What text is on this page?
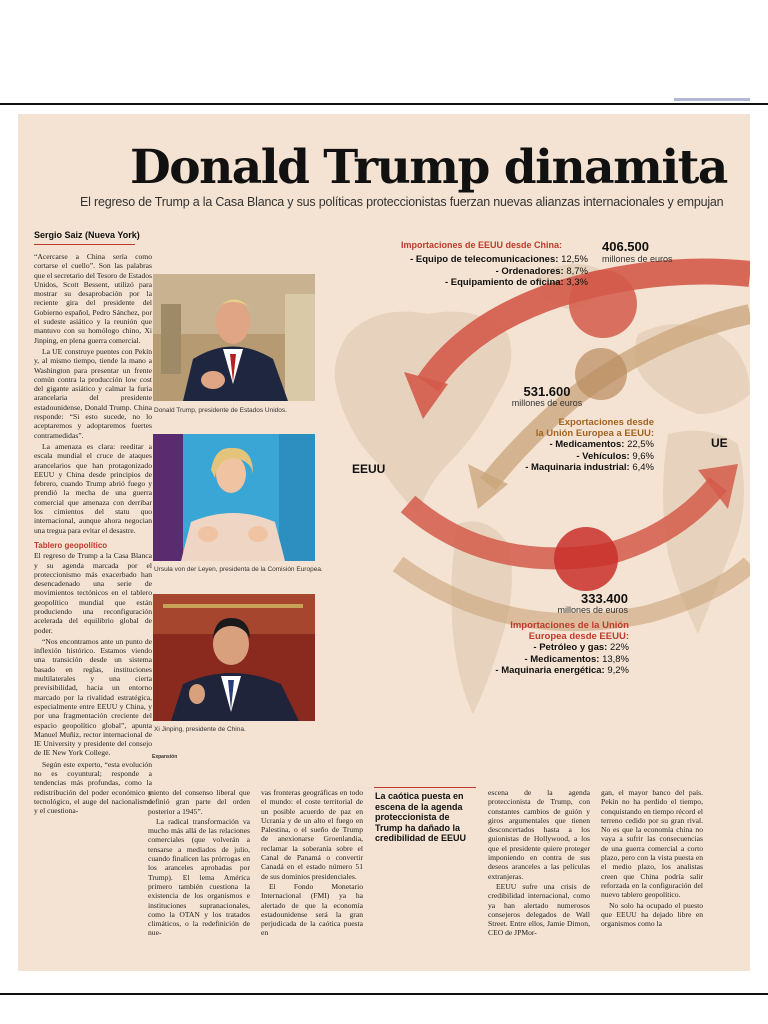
Donald Trump dinamita
El regreso de Trump a la Casa Blanca y sus políticas proteccionistas fuerzan nuevas alianzas internacionales y empujan
Sergio Saiz (Nueva York)

“Acercarse a China sería como cortarse el cuello”. Son las palabras que el secretario del Tesoro de Estados Unidos, Scott Bessent, utilizó para mostrar su desaprobación por la reciente gira del presidente del Gobierno español, Pedro Sánchez, por el sudeste asiático y la reunión que mantuvo con su homólogo chino, Xi Jinping, en plena guerra comercial.

La UE construye puentes con Pekín y, al mismo tiempo, tiende la mano a Washington para presentar un frente común contra la producción low cost del gigante asiático y calmar la furia arancelaria del presidente estadounidense, Donald Trump. China responde: “Si esto sucede, no lo aceptaremos y adoptaremos fuertes contramedidas”.

La amenaza es clara: reeditar a escala mundial el cruce de ataques arancelarios que han protagonizado EEUU y China desde principios de febrero, cuando Trump abrió fuego y prendió la mecha de una guerra comercial que amenaza con derribar los cimientos del statu quo internacional, aunque ahora negocian una tregua para evitar el desastre.

Tablero geopolítico

El regreso de Trump a la Casa Blanca y su agenda marcada por el proteccionismo más exacerbado han desencadenado una serie de movimientos tectónicos en el tablero geopolítico mundial que están produciendo una reconfiguración acelerada del equilibrio global de poder.

“Nos encontramos ante un punto de inflexión histórico. Estamos viendo una transición desde un sistema basado en reglas, instituciones multilaterales y una cierta previsibilidad, hacia un entorno marcado por la rivalidad estratégica, especialmente entre EEUU y China, y por una fragmentación creciente del espacio geopolítico global”, apunta Manuel Muñiz, rector internacional de IE University y presidente del consejo de IE New York College.

Según este experto, “esta evolución no es coyuntural; responde a tendencias más profundas, como la redistribución del poder económico y tecnológico, el auge del nacionalismo y el cuestiona-

Donald Trump, presidente de Estados Unidos.
Ursula von der Leyen, presidenta de la Comisión Europea.
Xi Jinping, presidente de China.
Importaciones de EEUU desde China:	406.500
millones de euros
- Equipo de telecomunicaciones: 12,5%
- Ordenadores: 8,7%
- Equipamiento de oficina: 3,3%
531.600
millones de euros
Exportaciones desde
la Unión Europea a EEUU:
- Medicamentos: 22,5%
- Vehículos: 9,6%
- Maquinaria industrial: 6,4%
EEUU
UE
333.400
millones de euros
Importaciones de la Unión
Europea desde EEUU:
- Petróleo y gas: 22%
- Medicamentos: 13,8%
- Maquinaria energética: 9,2%
Expansión

miento del consenso liberal que definió gran parte del orden posterior a 1945”.

La radical transformación va mucho más allá de las relaciones comerciales (que volverán a tensarse a mediados de julio, cuando finalicen las prórrogas en los aranceles aprobadas por Trump). El lema América primero también cuestiona la existencia de los organismos e instituciones supranacionales, como la OTAN y los tratados climáticos, o la redefinición de nue-

vas fronteras geográficas en todo el mundo: el coste territorial de un posible acuerdo de paz en Ucrania y de un alto el fuego en Palestina, o el sueño de Trump de anexionarse Groenlandia, reclamar la soberanía sobre el Canal de Panamá o convertir Canadá en el estado número 51 de sus dominios presidenciales.

El Fondo Monetario Internacional (FMI) ya ha alertado de que la economía estadounidense será la gran perjudicada de la caótica puesta en

La caótica puesta en escena de la agenda proteccionista de Trump ha dañado la credibilidad de EEUU

escena de la agenda proteccionista de Trump, con constantes cambios de guión y giros argumentales que tienen desconcertados hasta a los guionistas de Hollywood, a los que el presidente quiere proteger imponiendo en contra de sus deseos aranceles a las películas extranjeras.

EEUU sufre una crisis de credibilidad internacional, como ya han alertado numerosos consejeros delegados de Wall Street. Entre ellos, Jamie Dimon, CEO de JPMor-

gan, el mayor banco del país. Pekín no ha perdido el tiempo, conquistando en tiempo récord el terreno cedido por su gran rival. No es que la economía china no vaya a sufrir las consecuencias de una guerra comercial a corto plazo, pero con la vista puesta en el medio plazo, los analistas creen que China podría salir reforzada en la configuración del nuevo tablero geopolítico.

No solo ha ocupado el puesto que EEUU ha dejado libre en organismos como la
